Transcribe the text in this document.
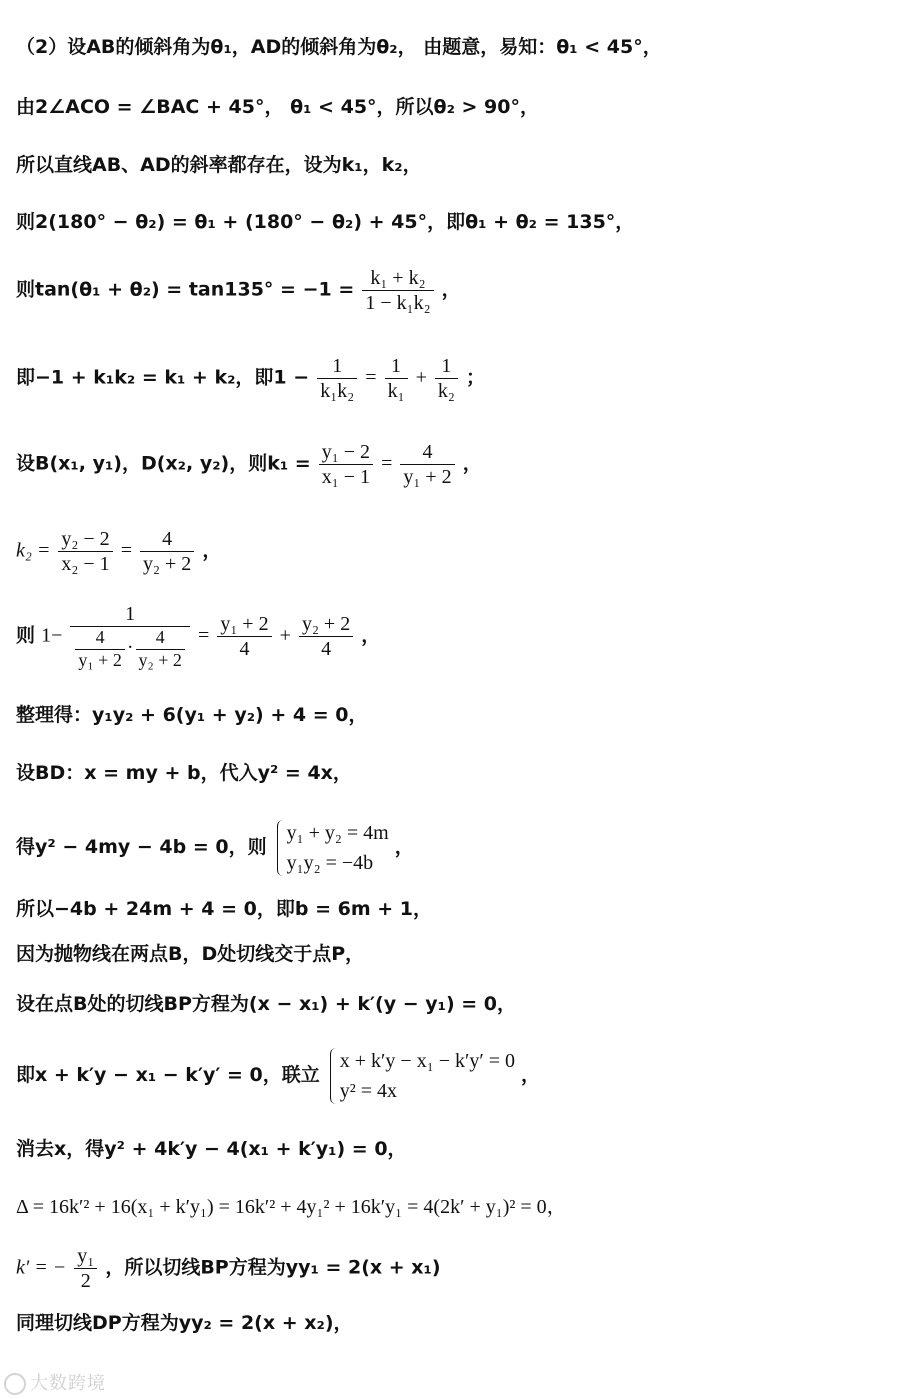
（2）设AB的倾斜角为θ₁，AD的倾斜角为θ₂， 由题意，易知：θ₁ < 45°，
由2∠ACO = ∠BAC + 45°， θ₁ < 45°，所以θ₂ > 90°，
所以直线AB、AD的斜率都存在，设为k₁，k₂，
则2(180° − θ₂) = θ₁ + (180° − θ₂) + 45°，即θ₁ + θ₂ = 135°，
则$\tan(\theta_1 + \theta_2) = \tan 135^\circ = -1 = \frac{\text{k₁ + k₂}}{\text{1 − k₁k₂}}$ ，
即−1 + k₁k₂ = k₁ + k₂，即$1 - \frac{1}{\text{k₁k₂}} = \frac{1}{\text{k₁}} + \frac{1}{\text{k₂}}$ ；
设B(x₁, y₁)，D(x₂, y₂)，则$k_1 = \frac{\text{y₁ − 2}}{\text{x₁ − 1}} = \frac{4}{\text{y₁ + 2}}$ ，
$k_2 = \frac{\text{y₂ − 2}}{\text{x₂ − 1}} = \frac{4}{\text{y₂ + 2}}$ ，
则 $1- \frac{1}{\frac{4}{\text{y₁ + 2}} \cdot \frac{4}{\text{y₂ + 2}}} = \frac{\text{y₁ + 2}}{4} + \frac{\text{y₂ + 2}}{4}$ ，
整理得：y₁y₂ + 6(y₁ + y₂) + 4 = 0，
设BD：x = my + b，代入y² = 4x，
得y² − 4my − 4b = 0，则
y₁ + y₂ = 4m
y₁y₂ = −4b
，
所以−4b + 24m + 4 = 0，即b = 6m + 1，
因为抛物线在两点B，D处切线交于点P，
设在点B处的切线BP方程为(x − x₁) + k′(y − y₁) = 0，
即x + k′y − x₁ − k′y′ = 0，联立
x + k′y − x₁ − k′y′ = 0
y² = 4x
，
消去x，得y² + 4k′y − 4(x₁ + k′y₁) = 0，
Δ = 16k′² + 16(x₁ + k′y₁) = 16k′² + 4y₁² + 16k′y₁ = 4(2k′ + y₁)² = 0，
k′ = − $\frac{\text{y₁}}{2}$ ，所以切线BP方程为yy₁ = 2(x + x₁)
同理切线DP方程为yy₂ = 2(x + x₂)，
大数跨境
